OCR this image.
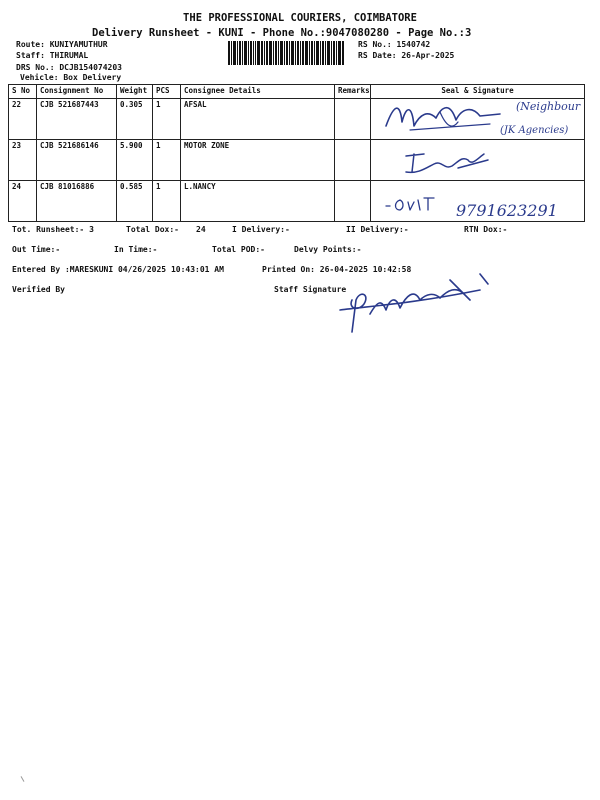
THE PROFESSIONAL COURIERS, COIMBATORE
Delivery Runsheet - KUNI - Phone No.:9047080280 - Page No.:3
Route: KUNIYAMUTHUR
Staff: THIRUMAL
DRS No.: DCJB154074203
Vehicle: Box Delivery
RS No.: 1540742
RS Date: 26-Apr-2025
S No	Consignment No	Weight	PCS	Consignee Details	Remarks	Seal & Signature
22	CJB 521687443	0.305	1	AFSAL		
23	CJB 521686146	5.900	1	MOTOR ZONE		
24	CJB 81016886	0.585	1	L.NANCY		
(Neighbour
(JK Agencies)
9791623291
Tot. Runsheet:- 3	Total Dox:- 24	I Delivery:-	II Delivery:-	RTN Dox:-
Out Time:-	In Time:-	Total POD:-	Delvy Points:-
Entered By :MARESKUNI 04/26/2025 10:43:01 AM	Printed On: 26-04-2025 10:42:58
Verified By	Staff Signature
